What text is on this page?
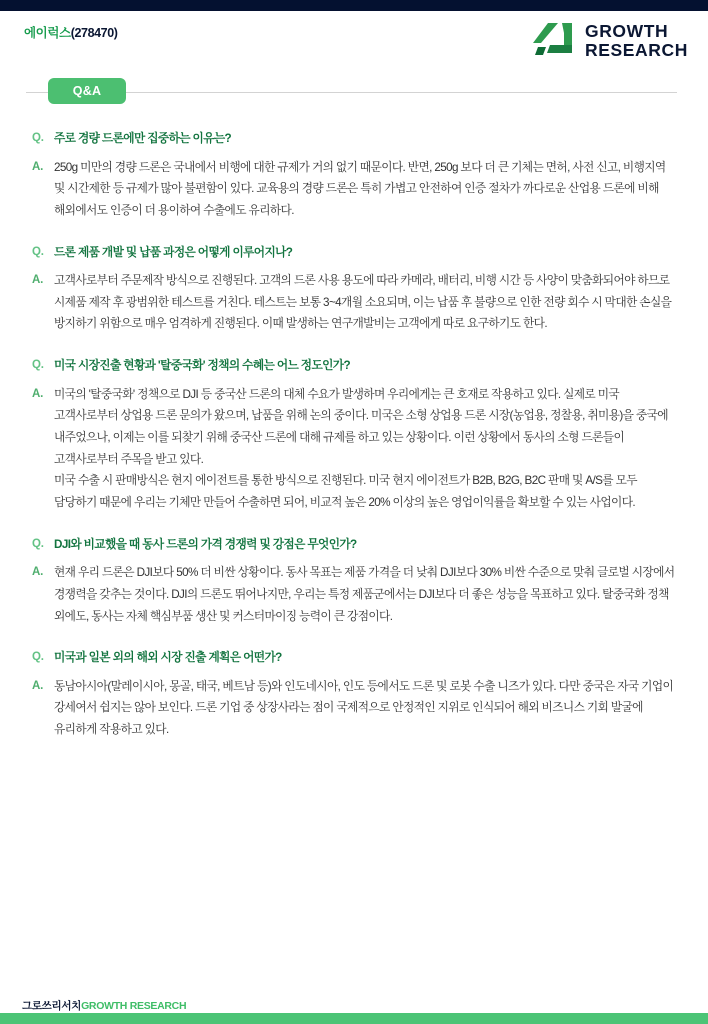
에이럭스(278470)	GROWTH
RESEARCH
Q&A
Q. 주로 경량 드론에만 집중하는 이유는?
A. 250g 미만의 경량 드론은 국내에서 비행에 대한 규제가 거의 없기 때문이다. 반면, 250g 보다 더 큰 기체는 면허, 사전 신고, 비행지역 및 시간제한 등 규제가 많아 불편함이 있다. 교육용의 경량 드론은 특히 가볍고 안전하여 인증 절차가 까다로운 산업용 드론에 비해 해외에서도 인증이 더 용이하여 수출에도 유리하다.

Q. 드론 제품 개발 및 납품 과정은 어떻게 이루어지나?
A. 고객사로부터 주문제작 방식으로 진행된다. 고객의 드론 사용 용도에 따라 카메라, 배터리, 비행 시간 등 사양이 맞춤화되어야 하므로 시제품 제작 후 광범위한 테스트를 거친다. 테스트는 보통 3~4개월 소요되며, 이는 납품 후 불량으로 인한 전량 회수 시 막대한 손실을 방지하기 위함으로 매우 엄격하게 진행된다. 이때 발생하는 연구개발비는 고객에게 따로 요구하기도 한다.

Q. 미국 시장진출 현황과 '탈중국화' 정책의 수혜는 어느 정도인가?
A. 미국의 '탈중국화' 정책으로 DJI 등 중국산 드론의 대체 수요가 발생하며 우리에게는 큰 호재로 작용하고 있다. 실제로 미국 고객사로부터 상업용 드론 문의가 왔으며, 납품을 위해 논의 중이다. 미국은 소형 상업용 드론 시장(농업용, 정찰용, 취미용)을 중국에 내주었으나, 이제는 이를 되찾기 위해 중국산 드론에 대해 규제를 하고 있는 상황이다. 이런 상황에서 동사의 소형 드론들이 고객사로부터 주목을 받고 있다.

미국 수출 시 판매방식은 현지 에이전트를 통한 방식으로 진행된다. 미국 현지 에이전트가 B2B, B2G, B2C 판매 및 A/S를 모두 담당하기 때문에 우리는 기체만 만들어 수출하면 되어, 비교적 높은 20% 이상의 높은 영업이익률을 확보할 수 있는 사업이다.

Q. DJI와 비교했을 때 동사 드론의 가격 경쟁력 및 강점은 무엇인가?
A. 현재 우리 드론은 DJI보다 50% 더 비싼 상황이다. 동사 목표는 제품 가격을 더 낮춰 DJI보다 30% 비싼 수준으로 맞춰 글로벌 시장에서 경쟁력을 갖추는 것이다. DJI의 드론도 뛰어나지만, 우리는 특정 제품군에서는 DJI보다 더 좋은 성능을 목표하고 있다. 탈중국화 정책 외에도, 동사는 자체 핵심부품 생산 및 커스터마이징 능력이 큰 강점이다.

Q. 미국과 일본 외의 해외 시장 진출 계획은 어떤가?
A. 동남아시아(말레이시아, 몽골, 태국, 베트남 등)와 인도네시아, 인도 등에서도 드론 및 로봇 수출 니즈가 있다. 다만 중국은 자국 기업이 강세여서 쉽지는 않아 보인다. 드론 기업 중 상장사라는 점이 국제적으로 안정적인 지위로 인식되어 해외 비즈니스 기회 발굴에 유리하게 작용하고 있다.

그로쓰리서치GROWTH RESEARCH
